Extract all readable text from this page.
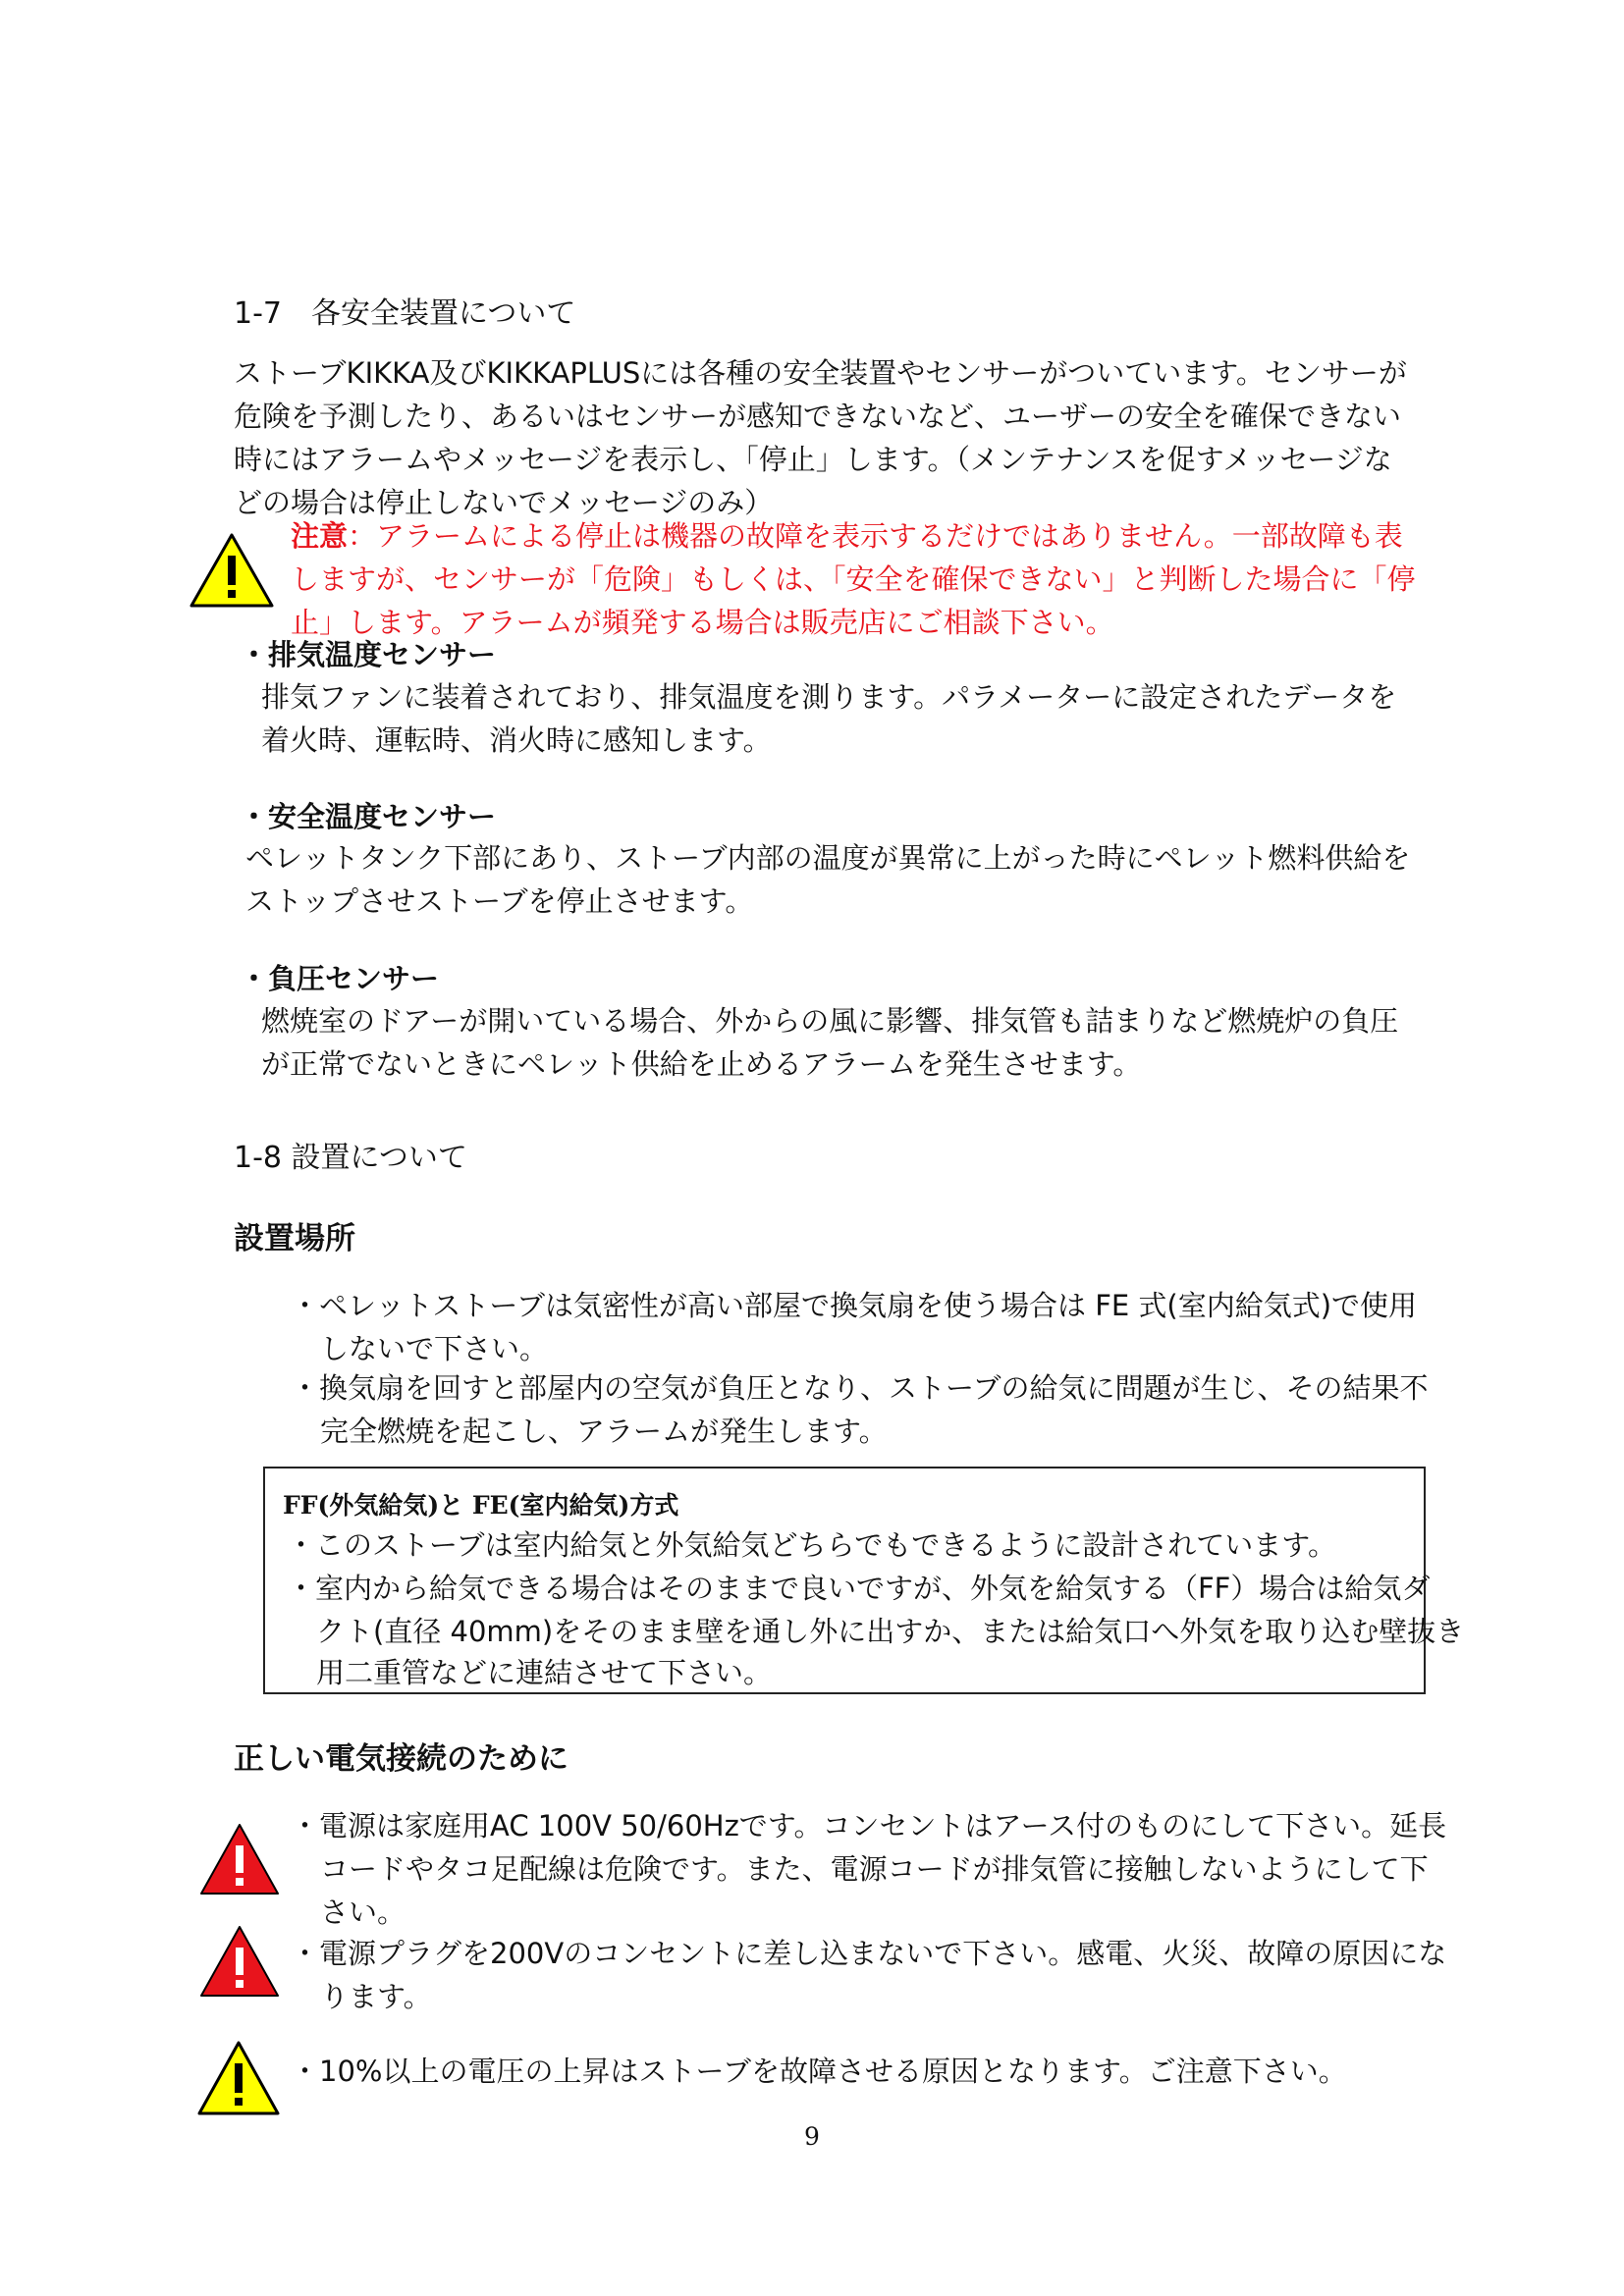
1-7　各安全装置について
ストーブKIKKA及びKIKKAPLUSには各種の安全装置やセンサーがついています。センサーが
危険を予測したり、あるいはセンサーが感知できないなど、ユーザーの安全を確保できない
時にはアラームやメッセージを表示し、「停止」します。（メンテナンスを促すメッセージな
どの場合は停止しないでメッセージのみ）
注意：アラームによる停止は機器の故障を表示するだけではありません。一部故障も表
しますが、センサーが「危険」もしくは、「安全を確保できない」と判断した場合に「停
止」します。アラームが頻発する場合は販売店にご相談下さい。
・排気温度センサー
排気ファンに装着されており、排気温度を測ります。パラメーターに設定されたデータを
着火時、運転時、消火時に感知します。
・安全温度センサー
ペレットタンク下部にあり、ストーブ内部の温度が異常に上がった時にペレット燃料供給を
ストップさせストーブを停止させます。
・負圧センサー
燃焼室のドアーが開いている場合、外からの風に影響、排気管も詰まりなど燃焼炉の負圧
が正常でないときにペレット供給を止めるアラームを発生させます。
1-8 設置について
設置場所
・ペレットストーブは気密性が高い部屋で換気扇を使う場合は FE 式(室内給気式)で使用
しないで下さい。
・換気扇を回すと部屋内の空気が負圧となり、ストーブの給気に問題が生じ、その結果不
完全燃焼を起こし、アラームが発生します。
FF(外気給気)と FE(室内給気)方式
・このストーブは室内給気と外気給気どちらでもできるように設計されています。
・室内から給気できる場合はそのままで良いですが、外気を給気する（FF）場合は給気ダ
クト(直径 40mm)をそのまま壁を通し外に出すか、または給気口へ外気を取り込む壁抜き
用二重管などに連結させて下さい。
正しい電気接続のために
・電源は家庭用AC 100V 50/60Hzです。コンセントはアース付のものにして下さい。延長
コードやタコ足配線は危険です。また、電源コードが排気管に接触しないようにして下
さい。
・電源プラグを200Vのコンセントに差し込まないで下さい。感電、火災、故障の原因にな
ります。
・10%以上の電圧の上昇はストーブを故障させる原因となります。ご注意下さい。
9
